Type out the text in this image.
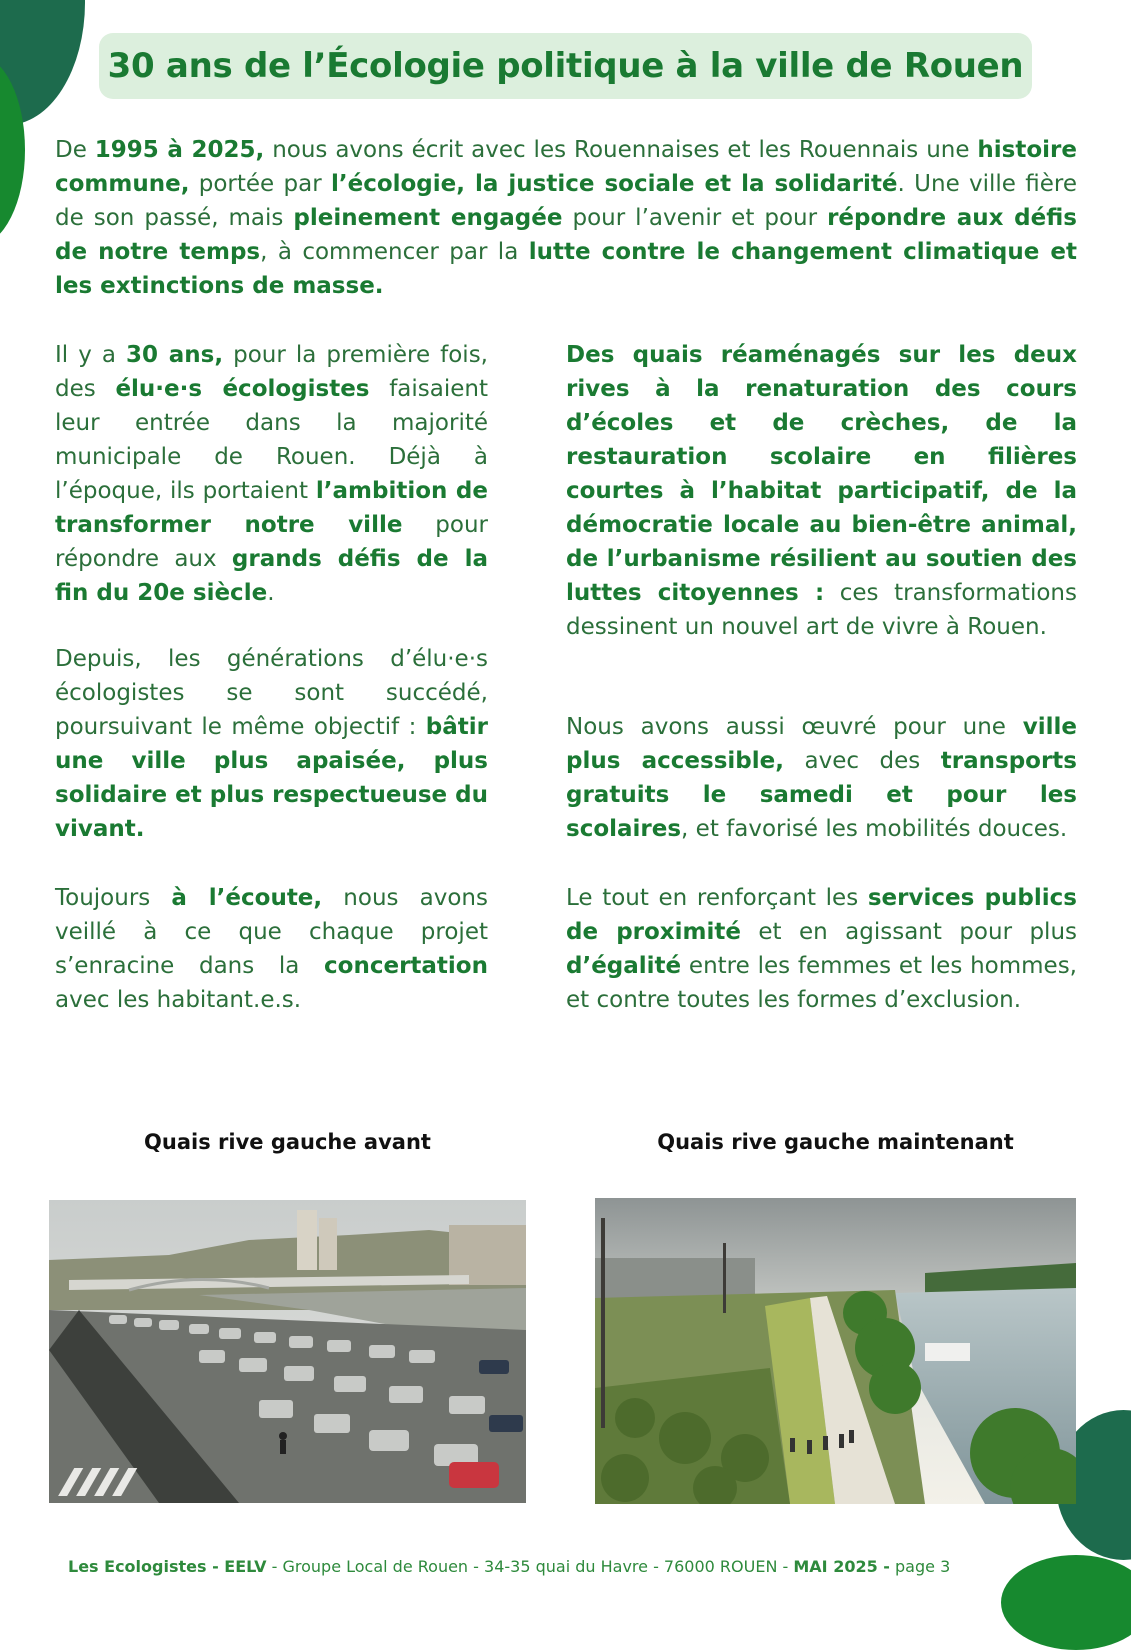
30 ans de l’Écologie politique à la ville de Rouen

De 1995 à 2025, nous avons écrit avec les Rouennaises et les Rouennais une histoire commune, portée par l’écologie, la justice sociale et la solidarité. Une ville fière de son passé, mais pleinement engagée pour l’avenir et pour répondre aux défis de notre temps, à commencer par la lutte contre le changement climatique et les extinctions de masse.

Il y a 30 ans, pour la première fois, des élu·e·s écologistes faisaient leur entrée dans la majorité municipale de Rouen. Déjà à l’époque, ils portaient l’ambition de transformer notre ville pour répondre aux grands défis de la fin du 20e siècle.

Depuis, les générations d’élu·e·s écologistes se sont succédé, poursuivant le même objectif : bâtir une ville plus apaisée, plus solidaire et plus respectueuse du vivant.

Toujours à l’écoute, nous avons veillé à ce que chaque projet s’enracine dans la concertation avec les habitant.e.s.

Des quais réaménagés sur les deux rives à la renaturation des cours d’écoles et de crèches, de la restauration scolaire en filières courtes à l’habitat participatif, de la démocratie locale au bien-être animal, de l’urbanisme résilient au soutien des luttes citoyennes : ces transformations dessinent un nouvel art de vivre à Rouen.

Nous avons aussi œuvré pour une ville plus accessible, avec des transports gratuits le samedi et pour les scolaires, et favorisé les mobilités douces.

Le tout en renforçant les services publics de proximité et en agissant pour plus d’égalité entre les femmes et les hommes, et contre toutes les formes d’exclusion.

Quais rive gauche avant	Quais rive gauche maintenant

Les Ecologistes - EELV - Groupe Local de Rouen - 34-35 quai du Havre - 76000 ROUEN - MAI 2025 - page 3
